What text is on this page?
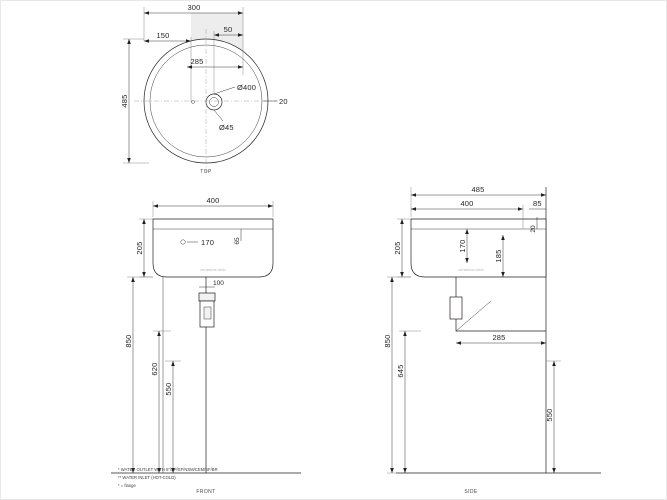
300
150
50
285
485
Ø400
Ø45
20
TOP
ceramica cielo
400
205	170	65
100
850
620
550
* WATER OUTLET WITH 5"/SP/SF/NSM/CEM/SF/BR
** WATER INLET (HOT-COLD)
* = flange
FRONT
ceramica cielo
485
400	85
20
205	170
185
285
850
645
550
SIDE
